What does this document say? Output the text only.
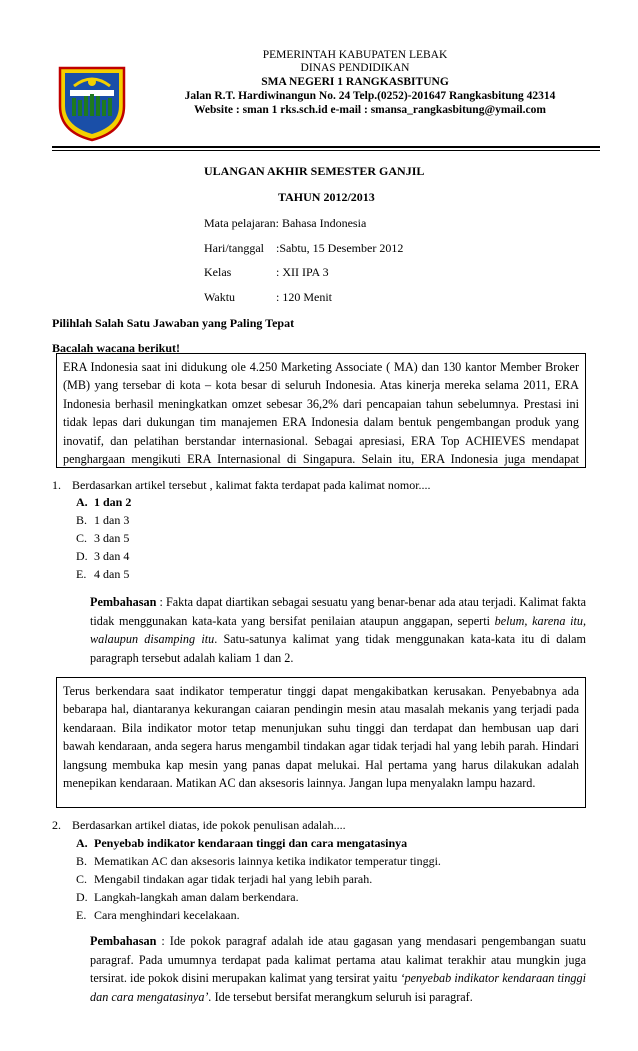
PEMERINTAH KABUPATEN LEBAK
DINAS PENDIDIKAN
SMA NEGERI 1 RANGKASBITUNG
Jalan R.T. Hardiwinangun No. 24 Telp.(0252)-201647 Rangkasbitung 42314
Website : sman 1 rks.sch.id e-mail : smansa_rangkasbitung@ymail.com
ULANGAN AKHIR SEMESTER GANJIL
TAHUN 2012/2013
Mata pelajaran: Bahasa Indonesia
Hari/tanggal :Sabtu, 15 Desember 2012
Kelas	: XII IPA 3
Waktu	: 120 Menit
Pilihlah Salah Satu Jawaban yang Paling Tepat
Bacalah wacana berikut!
ERA Indonesia saat ini didukung ole 4.250 Marketing Associate ( MA) dan 130 kantor Member Broker (MB) yang tersebar di kota – kota besar di seluruh Indonesia. Atas kinerja mereka selama 2011, ERA Indonesia berhasil meningkatkan omzet sebesar 36,2% dari pencapaian tahun sebelumnya. Prestasi ini tidak lepas dari dukungan tim manajemen ERA Indonesia dalam bentuk pengembangan produk yang inovatif, dan pelatihan berstandar internasional. Sebagai apresiasi, ERA Top ACHIEVES mendapat penghargaan mengikuti ERA Internasional di Singapura. Selain itu, ERA Indonesia juga mendapat
1. Berdasarkan artikel tersebut , kalimat fakta terdapat pada kalimat nomor....
A. 1 dan 2
B. 1 dan 3
C. 3 dan 5
D. 3 dan 4
E. 4 dan 5
Pembahasan : Fakta dapat diartikan sebagai sesuatu yang benar-benar ada atau terjadi. Kalimat fakta tidak menggunakan kata-kata yang bersifat penilaian ataupun anggapan, seperti belum, karena itu, walaupun disamping itu. Satu-satunya kalimat yang tidak menggunakan kata-kata itu di dalam paragraph tersebut adalah kaliam 1 dan 2.
Terus berkendara saat indikator temperatur tinggi dapat mengakibatkan kerusakan. Penyebabnya ada bebarapa hal, diantaranya kekurangan caiaran pendingin mesin atau masalah mekanis yang terjadi pada kendaraan. Bila indikator motor tetap menunjukan suhu tinggi dan terdapat dan hembusan uap dari bawah kendaraan, anda segera harus mengambil tindakan agar tidak terjadi hal yang lebih parah. Hindari langsung membuka kap mesin yang panas dapat melukai. Hal pertama yang harus dilakukan adalah menepikan kendaraan. Matikan AC dan aksesoris lainnya. Jangan lupa menyalakn lampu hazard.
2. Berdasarkan artikel diatas, ide pokok penulisan adalah....
A. Penyebab indikator kendaraan tinggi dan cara mengatasinya
B. Mematikan AC dan aksesoris lainnya ketika indikator temperatur tinggi.
C. Mengabil tindakan agar tidak terjadi hal yang lebih parah.
D. Langkah-langkah aman dalam berkendara.
E. Cara menghindari kecelakaan.
Pembahasan : Ide pokok paragraf adalah ide atau gagasan yang mendasari pengembangan suatu paragraf. Pada umumnya terdapat pada kalimat pertama atau kalimat terakhir atau mungkin juga tersirat. ide pokok disini merupakan kalimat yang tersirat yaitu ‘penyebab indikator kendaraan tinggi dan cara mengatasinya’. Ide tersebut bersifat merangkum seluruh isi paragraf.
